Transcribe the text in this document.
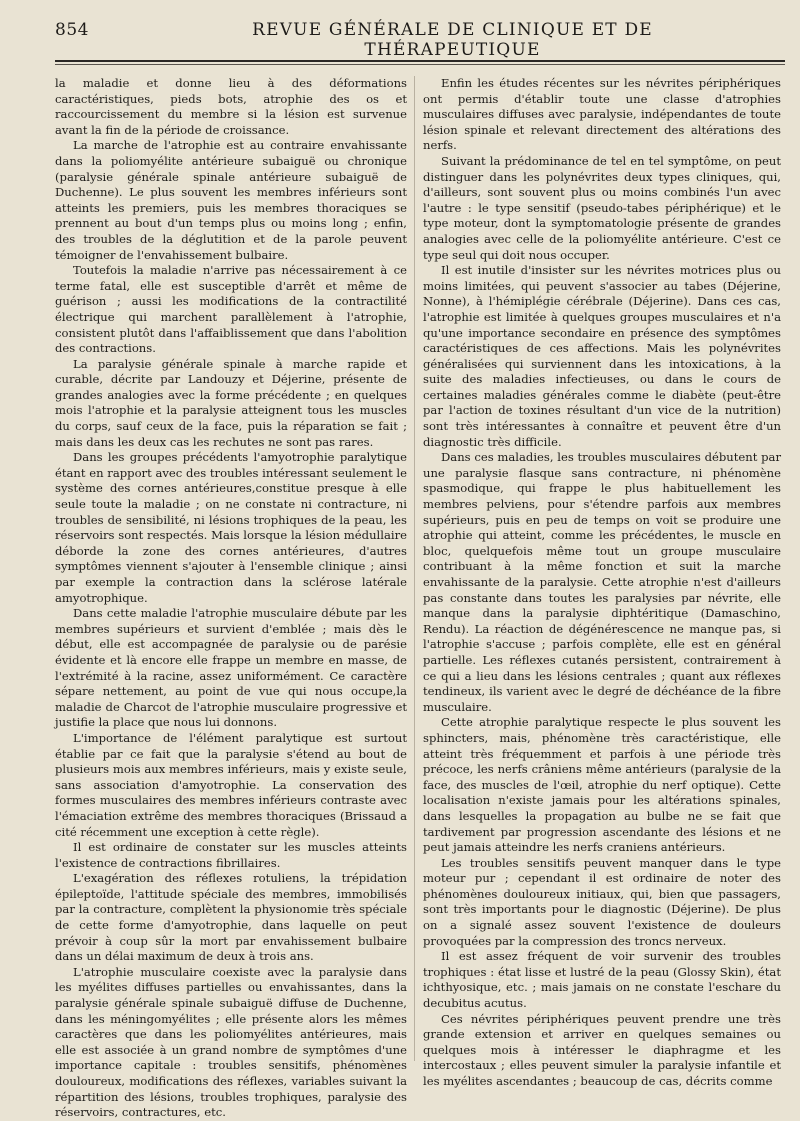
854	REVUE GÉNÉRALE DE CLINIQUE ET DE THÉRAPEUTIQUE

la maladie et donne lieu à des déformations caractéristiques, pieds bots, atrophie des os et raccourcissement du membre si la lésion est survenue avant la fin de la période de croissance.

La marche de l'atrophie est au contraire envahissante dans la poliomyélite antérieure subaiguë ou chronique (paralysie générale spinale antérieure subaiguë de Duchenne). Le plus souvent les membres inférieurs sont atteints les premiers, puis les membres thoraciques se prennent au bout d'un temps plus ou moins long ; enfin, des troubles de la déglutition et de la parole peuvent témoigner de l'envahissement bulbaire.

Toutefois la maladie n'arrive pas nécessairement à ce terme fatal, elle est susceptible d'arrêt et même de guérison ; aussi les modifications de la contractilité électrique qui marchent parallèlement à l'atrophie, consistent plutôt dans l'affaiblissement que dans l'abolition des contractions.

La paralysie générale spinale à marche rapide et curable, décrite par Landouzy et Déjerine, présente de grandes analogies avec la forme précédente ; en quelques mois l'atrophie et la paralysie atteignent tous les muscles du corps, sauf ceux de la face, puis la réparation se fait ; mais dans les deux cas les rechutes ne sont pas rares.

Dans les groupes précédents l'amyotrophie paralytique étant en rapport avec des troubles intéressant seulement le système des cornes antérieures,constitue presque à elle seule toute la maladie ; on ne constate ni contracture, ni troubles de sensibilité, ni lésions trophiques de la peau, les réservoirs sont respectés. Mais lorsque la lésion médullaire déborde la zone des cornes antérieures, d'autres symptômes viennent s'ajouter à l'ensemble clinique ; ainsi par exemple la contraction dans la sclérose latérale amyotrophique.

Dans cette maladie l'atrophie musculaire débute par les membres supérieurs et survient d'emblée ; mais dès le début, elle est accompagnée de paralysie ou de parésie évidente et là encore elle frappe un membre en masse, de l'extrémité à la racine, assez uniformément. Ce caractère sépare nettement, au point de vue qui nous occupe,la maladie de Charcot de l'atrophie musculaire progressive et justifie la place que nous lui donnons.

L'importance de l'élément paralytique est surtout établie par ce fait que la paralysie s'étend au bout de plusieurs mois aux membres inférieurs, mais y existe seule, sans association d'amyotrophie. La conservation des formes musculaires des membres inférieurs contraste avec l'émaciation extrême des membres thoraciques (Brissaud a cité récemment une exception à cette règle).

Il est ordinaire de constater sur les muscles atteints l'existence de contractions fibrillaires.

L'exagération des réflexes rotuliens, la trépidation épileptoïde, l'attitude spéciale des membres, immobilisés par la contracture, complètent la physionomie très spéciale de cette forme d'amyotrophie, dans laquelle on peut prévoir à coup sûr la mort par envahissement bulbaire dans un délai maximum de deux à trois ans.

L'atrophie musculaire coexiste avec la paralysie dans les myélites diffuses partielles ou envahissantes, dans la paralysie générale spinale subaiguë diffuse de Duchenne, dans les méningomyélites ; elle présente alors les mêmes caractères que dans les poliomyélites antérieures, mais elle est associée à un grand nombre de symptômes d'une importance capitale : troubles sensitifs, phénomènes douloureux, modifications des réflexes, variables suivant la répartition des lésions, troubles trophiques, paralysie des réservoirs, contractures, etc.

Enfin les études récentes sur les névrites périphériques ont permis d'établir toute une classe d'atrophies musculaires diffuses avec paralysie, indépendantes de toute lésion spinale et relevant directement des altérations des nerfs.

Suivant la prédominance de tel en tel symptôme, on peut distinguer dans les polynévrites deux types cliniques, qui, d'ailleurs, sont souvent plus ou moins combinés l'un avec l'autre : le type sensitif (pseudo-tabes périphérique) et le type moteur, dont la symptomatologie présente de grandes analogies avec celle de la poliomyélite antérieure. C'est ce type seul qui doit nous occuper.

Il est inutile d'insister sur les névrites motrices plus ou moins limitées, qui peuvent s'associer au tabes (Déjerine, Nonne), à l'hémiplégie cérébrale (Déjerine). Dans ces cas, l'atrophie est limitée à quelques groupes musculaires et n'a qu'une importance secondaire en présence des symptômes caractéristiques de ces affections. Mais les polynévrites généralisées qui surviennent dans les intoxications, à la suite des maladies infectieuses, ou dans le cours de certaines maladies générales comme le diabète (peut-être par l'action de toxines résultant d'un vice de la nutrition) sont très intéressantes à connaître et peuvent être d'un diagnostic très difficile.

Dans ces maladies, les troubles musculaires débutent par une paralysie flasque sans contracture, ni phénomène spasmodique, qui frappe le plus habituellement les membres pelviens, pour s'étendre parfois aux membres supérieurs, puis en peu de temps on voit se produire une atrophie qui atteint, comme les précédentes, le muscle en bloc, quelquefois même tout un groupe musculaire contribuant à la même fonction et suit la marche envahissante de la paralysie. Cette atrophie n'est d'ailleurs pas constante dans toutes les paralysies par névrite, elle manque dans la paralysie diphtéritique (Damaschino, Rendu). La réaction de dégénérescence ne manque pas, si l'atrophie s'accuse ; parfois complète, elle est en général partielle. Les réflexes cutanés persistent, contrairement à ce qui a lieu dans les lésions centrales ; quant aux réflexes tendineux, ils varient avec le degré de déchéance de la fibre musculaire.

Cette atrophie paralytique respecte le plus souvent les sphincters, mais, phénomène très caractéristique, elle atteint très fréquemment et parfois à une période très précoce, les nerfs crâniens même antérieurs (paralysie de la face, des muscles de l'œil, atrophie du nerf optique). Cette localisation n'existe jamais pour les altérations spinales, dans lesquelles la propagation au bulbe ne se fait que tardivement par progression ascendante des lésions et ne peut jamais atteindre les nerfs craniens antérieurs.

Les troubles sensitifs peuvent manquer dans le type moteur pur ; cependant il est ordinaire de noter des phénomènes douloureux initiaux, qui, bien que passagers, sont très importants pour le diagnostic (Déjerine). De plus on a signalé assez souvent l'existence de douleurs provoquées par la compression des troncs nerveux.

Il est assez fréquent de voir survenir des troubles trophiques : état lisse et lustré de la peau (Glossy Skin), état ichthyosique, etc. ; mais jamais on ne constate l'eschare du decubitus acutus.

Ces névrites périphériques peuvent prendre une très grande extension et arriver en quelques semaines ou quelques mois à intéresser le diaphragme et les intercostaux ; elles peuvent simuler la paralysie infantile et les myélites ascendantes ; beaucoup de cas, décrits comme
